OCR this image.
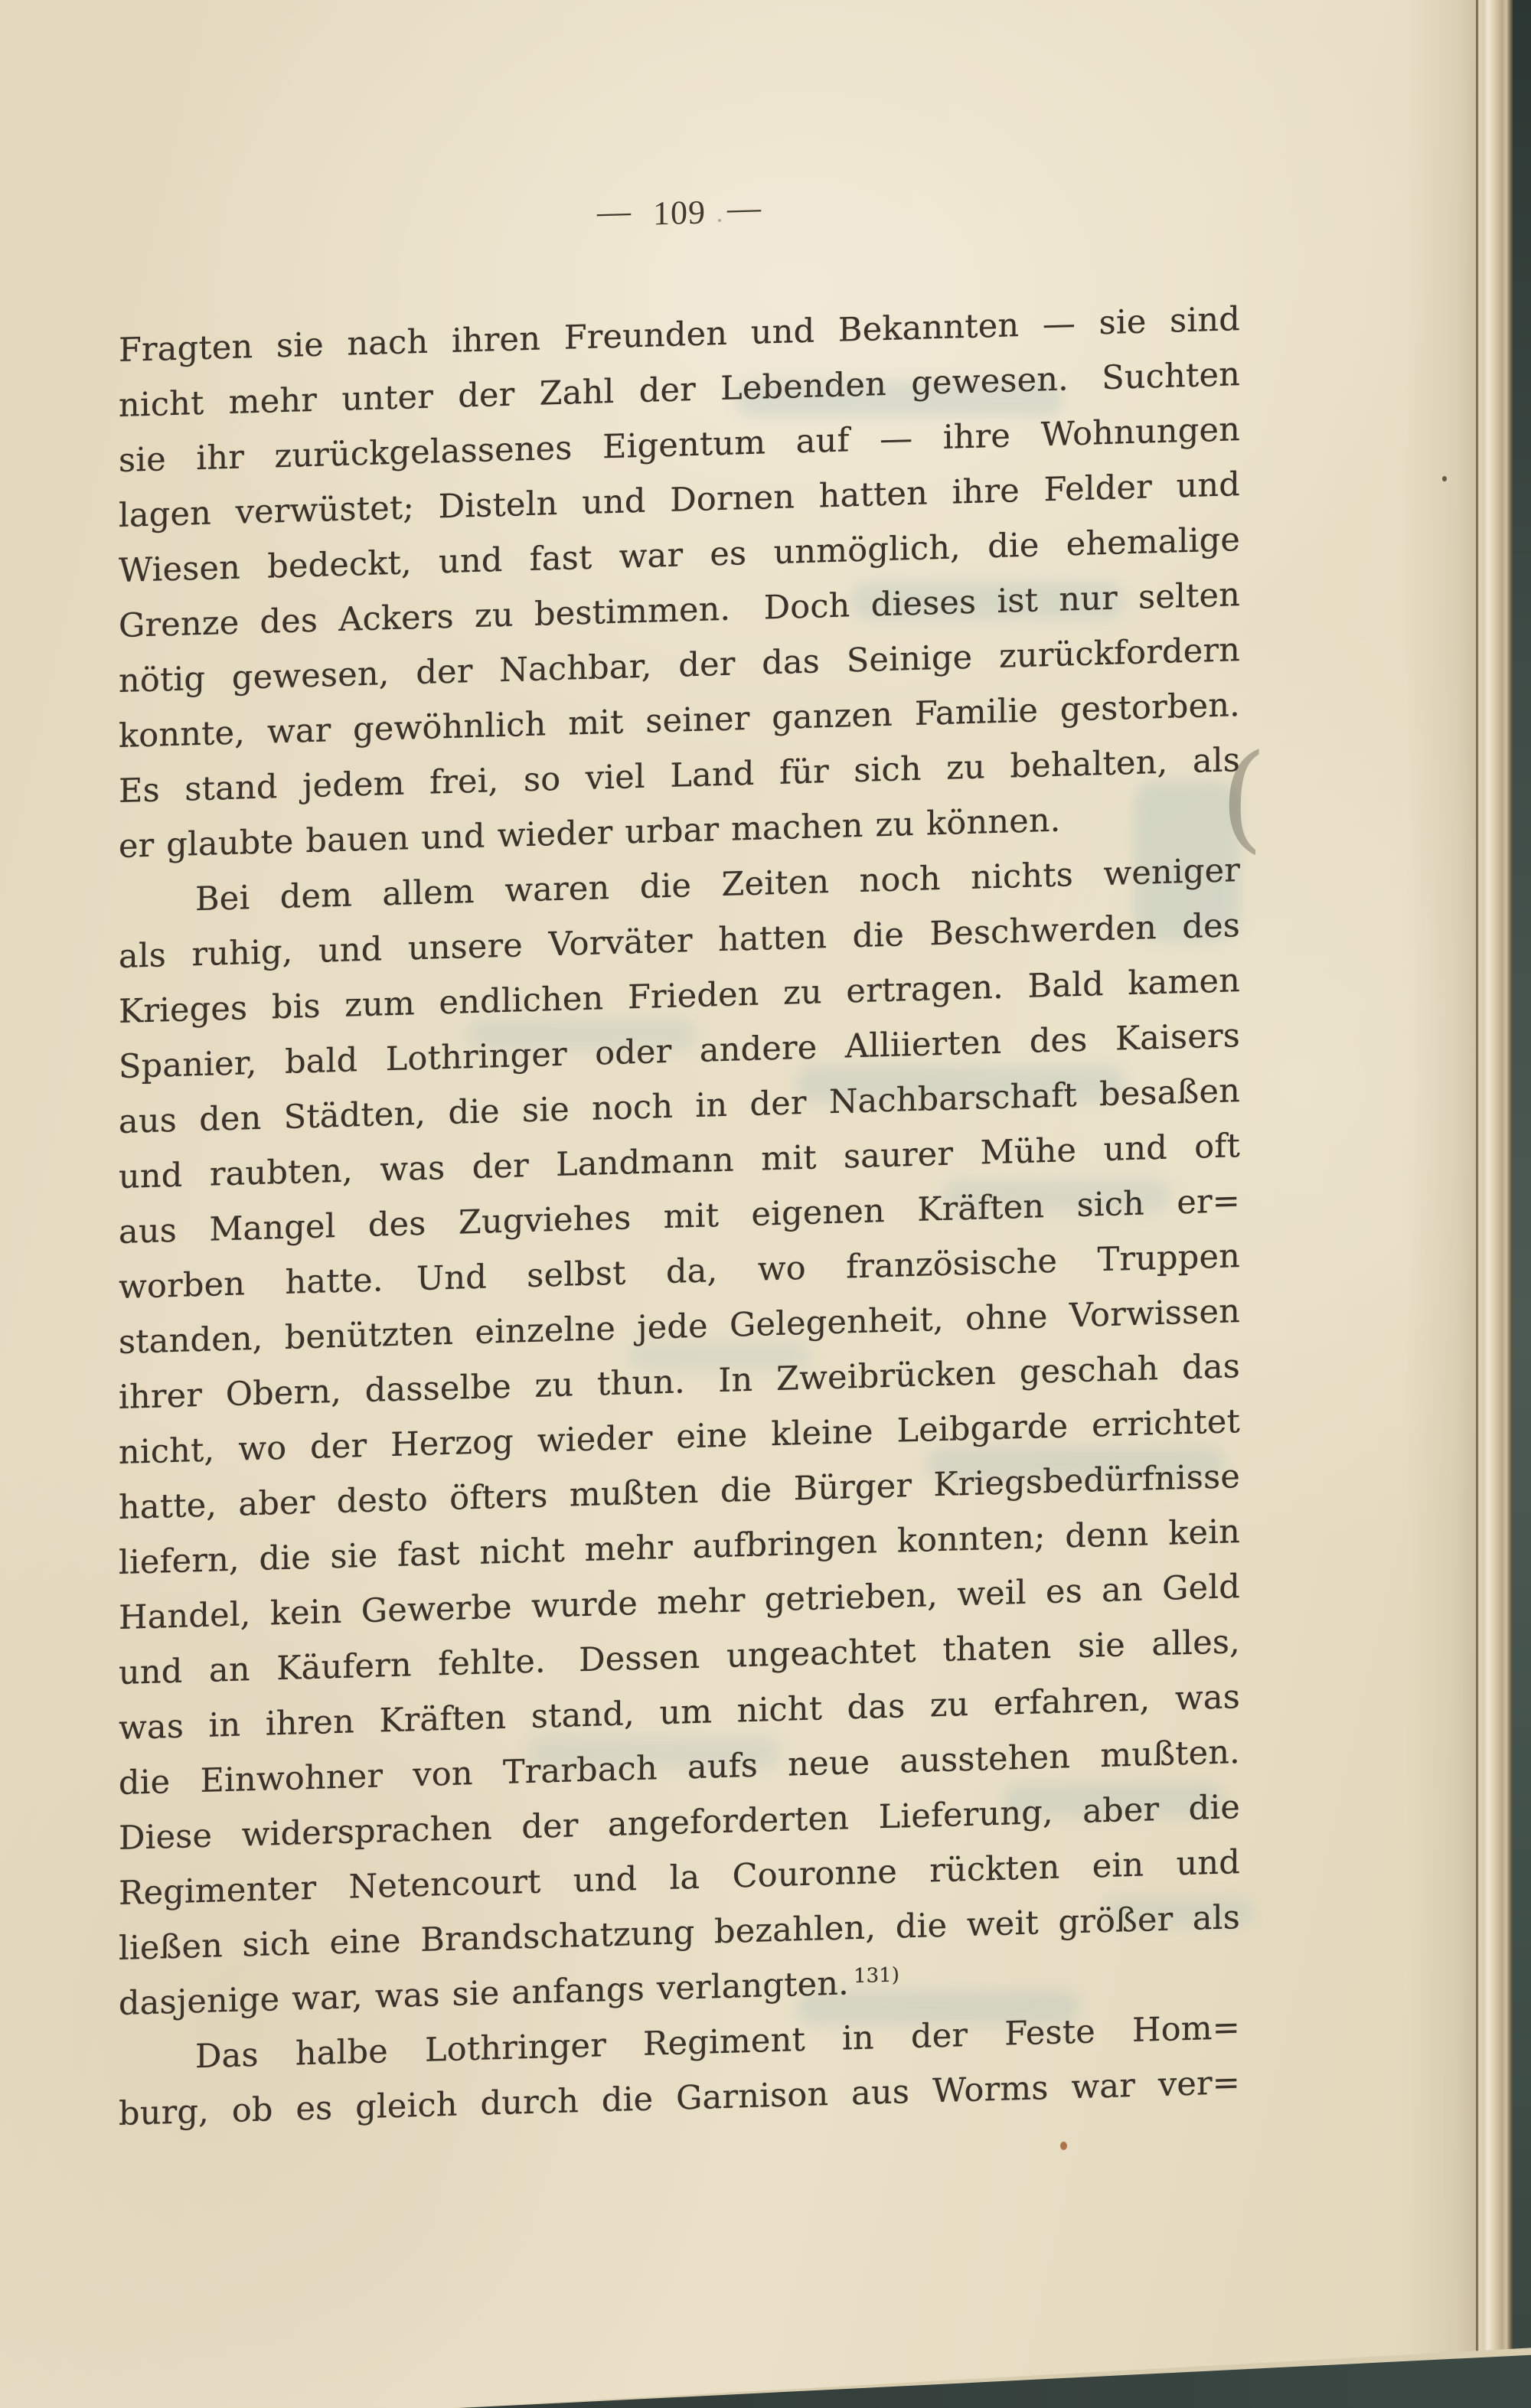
— 109 —
Fragten sie nach ihren Freunden und Bekannten — sie sind
nicht mehr unter der Zahl der Lebenden gewesen. Suchten
sie ihr zurückgelassenes Eigentum auf — ihre Wohnungen
lagen verwüstet; Disteln und Dornen hatten ihre Felder und
Wiesen bedeckt, und fast war es unmöglich, die ehemalige
Grenze des Ackers zu bestimmen. Doch dieses ist nur selten
nötig gewesen, der Nachbar, der das Seinige zurückfordern
konnte, war gewöhnlich mit seiner ganzen Familie gestorben.
Es stand jedem frei, so viel Land für sich zu behalten, als
er glaubte bauen und wieder urbar machen zu können.
Bei dem allem waren die Zeiten noch nichts weniger
als ruhig, und unsere Vorväter hatten die Beschwerden des
Krieges bis zum endlichen Frieden zu ertragen. Bald kamen
Spanier, bald Lothringer oder andere Alliierten des Kaisers
aus den Städten, die sie noch in der Nachbarschaft besaßen
und raubten, was der Landmann mit saurer Mühe und oft
aus Mangel des Zugviehes mit eigenen Kräften sich er=
worben hatte. Und selbst da, wo französische Truppen
standen, benützten einzelne jede Gelegenheit, ohne Vorwissen
ihrer Obern, dasselbe zu thun. In Zweibrücken geschah das
nicht, wo der Herzog wieder eine kleine Leibgarde errichtet
hatte, aber desto öfters mußten die Bürger Kriegsbedürfnisse
liefern, die sie fast nicht mehr aufbringen konnten; denn kein
Handel, kein Gewerbe wurde mehr getrieben, weil es an Geld
und an Käufern fehlte. Dessen ungeachtet thaten sie alles,
was in ihren Kräften stand, um nicht das zu erfahren, was
die Einwohner von Trarbach aufs neue ausstehen mußten.
Diese widersprachen der angeforderten Lieferung, aber die
Regimenter Netencourt und la Couronne rückten ein und
ließen sich eine Brandschatzung bezahlen, die weit größer als
dasjenige war, was sie anfangs verlangten. $^{131)}$
Das halbe Lothringer Regiment in der Feste Hom=
burg, ob es gleich durch die Garnison aus Worms war ver=
(
